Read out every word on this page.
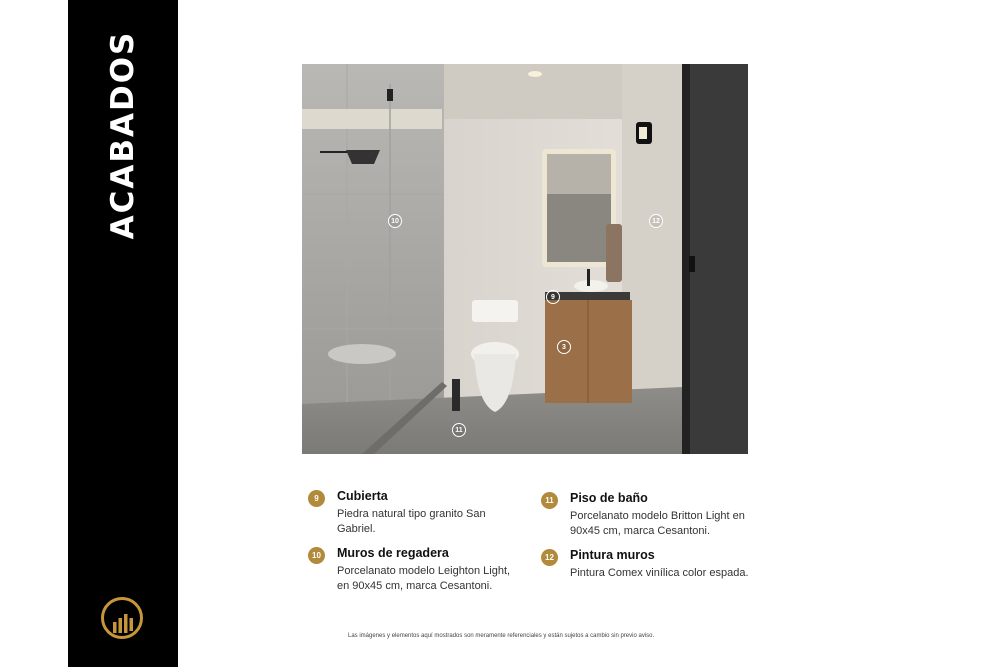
ACABADOS	10	12
9
3
11
9	Cubierta
Piedra natural tipo granito San Gabriel.
10	Muros de regadera
Porcelanato modelo Leighton Light, en 90x45 cm, marca Cesantoni.
11	Piso de baño
Porcelanato modelo Britton Light en 90x45 cm, marca Cesantoni.
12	Pintura muros
Pintura Comex vinílica color espada.
Las imágenes y elementos aquí mostrados son meramente referenciales y están sujetos a cambio sin previo aviso.
